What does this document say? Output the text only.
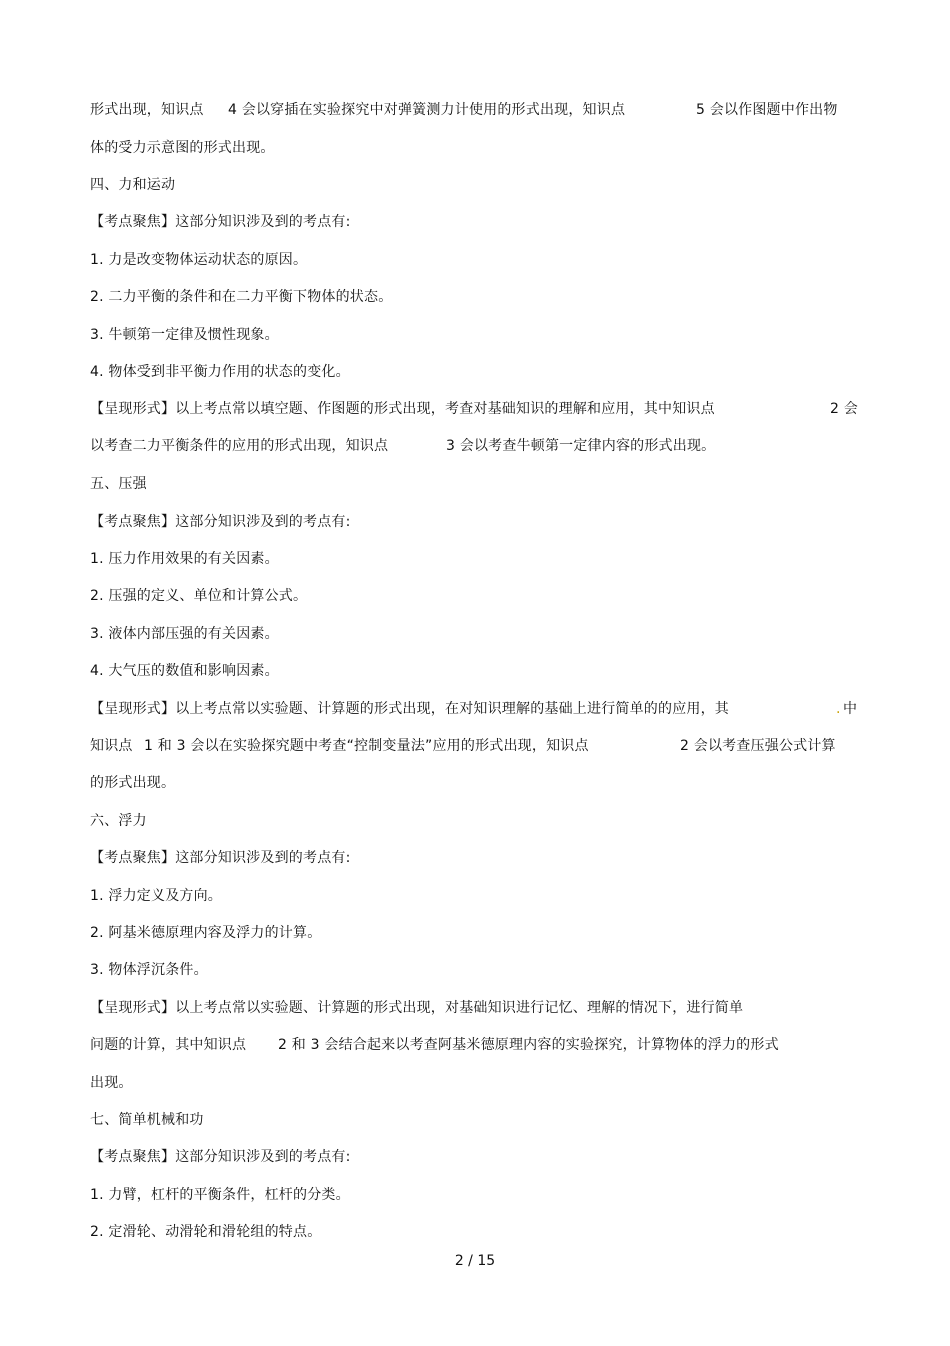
形式出现，知识点 4 会以穿插在实验探究中对弹簧测力计使用的形式出现，知识点	5 会以作图题中作出物
体的受力示意图的形式出现。
四、力和运动
【考点聚焦】这部分知识涉及到的考点有:
1. 力是改变物体运动状态的原因。
2. 二力平衡的条件和在二力平衡下物体的状态。
3. 牛顿第一定律及惯性现象。
4. 物体受到非平衡力作用的状态的变化。
【呈现形式】以上考点常以填空题、作图题的形式出现，考查对基础知识的理解和应用，其中知识点	2 会
以考查二力平衡条件的应用的形式出现，知识点	3 会以考查牛顿第一定律内容的形式出现。
五、压强
【考点聚焦】这部分知识涉及到的考点有:
1. 压力作用效果的有关因素。
2. 压强的定义、单位和计算公式。
3. 液体内部压强的有关因素。
4. 大气压的数值和影响因素。
【呈现形式】以上考点常以实验题、计算题的形式出现，在对知识理解的基础上进行简单的的应用，其	. 中
知识点 1 和 3 会以在实验探究题中考查“控制变量法”应用的形式出现，知识点	2 会以考查压强公式计算
的形式出现。
六、浮力
【考点聚焦】这部分知识涉及到的考点有:
1. 浮力定义及方向。
2. 阿基米德原理内容及浮力的计算。
3. 物体浮沉条件。
【呈现形式】以上考点常以实验题、计算题的形式出现，对基础知识进行记忆、理解的情况下，进行简单
问题的计算，其中知识点 2 和 3 会结合起来以考查阿基米德原理内容的实验探究，计算物体的浮力的形式
出现。
七、简单机械和功
【考点聚焦】这部分知识涉及到的考点有:
1. 力臂，杠杆的平衡条件，杠杆的分类。
2. 定滑轮、动滑轮和滑轮组的特点。
2 / 15
